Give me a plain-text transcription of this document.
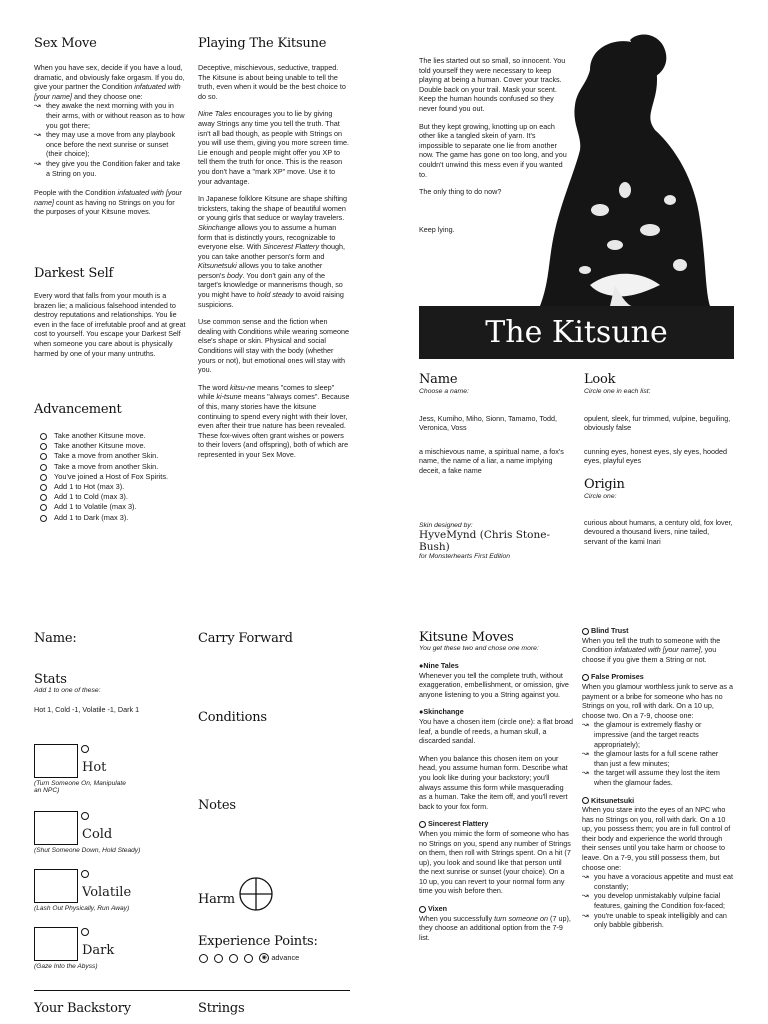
Sex Move
When you have sex, decide if you have a loud, dramatic, and obviously fake orgasm. If you do, give your partner the Condition infatuated with [your name] and they choose one:
↝ they awake the next morning with you in their arms, with or without reason as to how you got there;
↝ they may use a move from any playbook once before the next sunrise or sunset (their choice);
↝ they give you the Condition faker and take a String on you.
People with the Condition infatuated with [your name] count as having no Strings on you for the purposes of your Kitsune moves.
Darkest Self
Every word that falls from your mouth is a brazen lie; a malicious falsehood intended to destroy reputations and relationships. You lie even in the face of irrefutable proof and at great cost to yourself. You escape your Darkest Self when someone you care about is physically harmed by one of your many untruths.
Advancement
Take another Kitsune move.
Take another Kitsune move.
Take a move from another Skin.
Take a move from another Skin.
You've joined a Host of Fox Spirits.
Add 1 to Hot (max 3).
Add 1 to Cold (max 3).
Add 1 to Volatile (max 3).
Add 1 to Dark (max 3).
Playing The Kitsune

Deceptive, mischievous, seductive, trapped. The Kitsune is about being unable to tell the truth, even when it would be the best choice to do so.

Nine Tales encourages you to lie by giving away Strings any time you tell the truth. That isn't all bad though, as people with Strings on you will use them, giving you more screen time. Lie enough and people might offer you XP to tell them the truth for once. This is the reason you don't have a "mark XP" move. Use it to your advantage.

In Japanese folklore Kitsune are shape shifting tricksters, taking the shape of beautiful women or young girls that seduce or waylay travelers. Skinchange allows you to assume a human form that is distinctly yours, recognizable to everyone else. With Sincerest Flattery though, you can take another person's form and Kitsunetsuki allows you to take another person's body. You don't gain any of the target's knowledge or mannerisms though, so you might have to hold steady to avoid raising suspicions.

Use common sense and the fiction when dealing with Conditions while wearing someone else's shape or skin. Physical and social Conditions will stay with the body (whether yours or not), but emotional ones will stay with you.

The word kitsu-ne means "comes to sleep" while ki-tsune means "always comes". Because of this, many stories have the kitsune continuing to spend every night with their lover, even after their true nature has been revealed. These fox-wives often grant wishes or powers to their lovers (and offspring), both of which are represented in your Sex Move.

The lies started out so small, so innocent. You told yourself they were necessary to keep playing at being a human. Cover your tracks. Double back on your trail. Mask your scent. Keep the human hounds confused so they never found you out.

But they kept growing, knotting up on each other like a tangled skein of yarn. It's impossible to separate one lie from another now. The game has gone on too long, and you couldn't unwind this mess even if you wanted to.

The only thing to do now?

Keep lying.

The Kitsune
Name
Choose a name:
Jess, Kumiho, Miho, Sionn, Tamamo, Todd, Veronica, Voss
a mischievous name, a spiritual name, a fox's name, the name of a liar, a name implying deceit, a fake name
Look
Circle one in each list:
opulent, sleek, fur trimmed, vulpine, beguiling, obviously false
cunning eyes, honest eyes, sly eyes, hooded eyes, playful eyes
Origin
Circle one:
curious about humans, a century old, fox lover, devoured a thousand livers, nine tailed, servant of the kami Inari
Skin designed by:
HyveMynd (Chris Stone-Bush)
for Monsterhearts First Edition
Name:
Stats
Add 1 to one of these:
Hot 1, Cold -1, Volatile -1, Dark 1
Hot
(Turn Someone On, Manipulate an NPC)
Cold
(Shut Someone Down, Hold Steady)
Volatile
(Lash Out Physically, Run Away)
Dark
(Gaze Into the Abyss)
Your Backstory
Carry Forward
Conditions
Notes
Harm
Experience Points:
◉ advance
Strings
Kitsune Moves
You get these two and chose one more:
●Nine Tales

Whenever you tell the complete truth, without exaggeration, embellishment, or omission, give anyone listening to you a String against you.

●Skinchange

You have a chosen item (circle one): a flat broad leaf, a bundle of reeds, a human skull, a discarded sandal.

When you balance this chosen item on your head, you assume human form. Describe what you look like during your backstory; you'll always assume this form while masquerading as a human. Take the item off, and you'll revert back to your fox form.

Sincerest Flattery

When you mimic the form of someone who has no Strings on you, spend any number of Strings on them, then roll with Strings spent. On a hit (7 up), you look and sound like that person until the next sunrise or sunset (your choice). On a 10 up, you can revert to your normal form any time you wish before then.

Vixen

When you successfully turn someone on (7 up), they choose an additional option from the 7-9 list.

Blind Trust

When you tell the truth to someone with the Condition infatuated with [your name], you choose if you give them a String or not.

False Promises
When you glamour worthless junk to serve as a payment or a bribe for someone who has no Strings on you, roll with dark. On a 10 up, choose two. On a 7-9, choose one:
↝ the glamour is extremely flashy or impressive (and the target reacts appropriately);
↝ the glamour lasts for a full scene rather than just a few minutes;
↝ the target will assume they lost the item when the glamour fades.
Kitsunetsuki
When you stare into the eyes of an NPC who has no Strings on you, roll with dark. On a 10 up, you possess them; you are in full control of their body and experience the world through their senses until you take harm or choose to leave. On a 7-9, you still possess them, but choose one:
↝ you have a voracious appetite and must eat constantly;
↝ you develop unmistakably vulpine facial features, gaining the Condition fox-faced;
↝ you're unable to speak intelligibly and can only babble gibberish.
